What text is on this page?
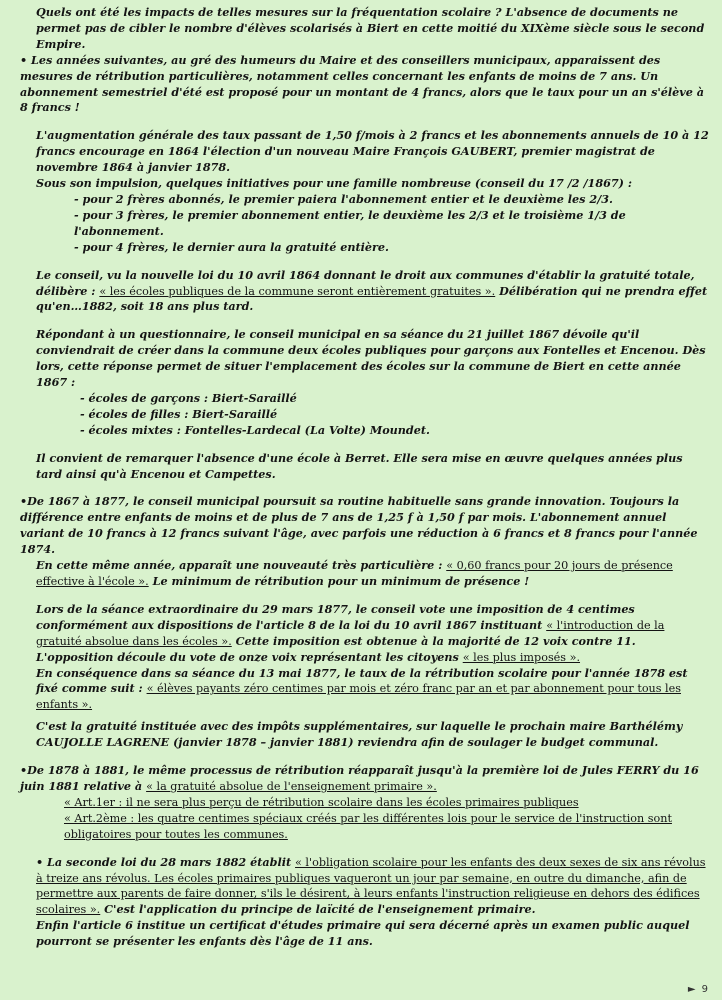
Quels ont été les impacts de telles mesures sur la fréquentation scolaire ? L'absence de documents ne permet pas de cibler le nombre d'élèves scolarisés à Biert en cette moitié du XIXème siècle sous le second Empire.

• Les années suivantes, au gré des humeurs du Maire et des conseillers municipaux, apparaissent des mesures de rétribution particulières, notamment celles concernant les enfants de moins de 7 ans. Un abonnement semestriel d'été est proposé pour un montant de 4 francs, alors que le taux pour un an s'élève à 8 francs !

L'augmentation générale des taux passant de 1,50 f/mois à 2 francs et les abonnements annuels de 10 à 12 francs encourage en 1864 l'élection d'un nouveau Maire François GAUBERT, premier magistrat de novembre 1864 à janvier 1878.

Sous son impulsion, quelques initiatives pour une famille nombreuse (conseil du 17 /2 /1867) :

- pour 2 frères abonnés, le premier paiera l'abonnement entier et le deuxième les 2/3.

- pour 3 frères, le premier abonnement entier, le deuxième les 2/3 et le troisième 1/3 de l'abonnement.

- pour 4 frères, le dernier aura la gratuité entière.

Le conseil, vu la nouvelle loi du 10 avril 1864 donnant le droit aux communes d'établir la gratuité totale, délibère : « les écoles publiques de la commune seront entièrement gratuites ». Délibération qui ne prendra effet qu'en…1882, soit 18 ans plus tard.

Répondant à un questionnaire, le conseil municipal en sa séance du 21 juillet 1867 dévoile qu'il conviendrait de créer dans la commune deux écoles publiques pour garçons aux Fontelles et Encenou. Dès lors, cette réponse permet de situer l'emplacement des écoles sur la commune de Biert en cette année 1867 :

- écoles de garçons : Biert-Saraillé

- écoles de filles : Biert-Saraillé

- écoles mixtes : Fontelles-Lardecal (La Volte) Moundet.

Il convient de remarquer l'absence d'une école à Berret. Elle sera mise en œuvre quelques années plus tard ainsi qu'à Encenou et Campettes.

•De 1867 à 1877, le conseil municipal poursuit sa routine habituelle sans grande innovation. Toujours la différence entre enfants de moins et de plus de 7 ans de 1,25 f à 1,50 f par mois. L'abonnement annuel variant de 10 francs à 12 francs suivant l'âge, avec parfois une réduction à 6 francs et 8 francs pour l'année 1874.

En cette même année, apparaît une nouveauté très particulière : « 0,60 francs pour 20 jours de présence effective à l'école ». Le minimum de rétribution pour un minimum de présence !

Lors de la séance extraordinaire du 29 mars 1877, le conseil vote une imposition de 4 centimes conformément aux dispositions de l'article 8 de la loi du 10 avril 1867 instituant « l'introduction de la gratuité absolue dans les écoles ». Cette imposition est obtenue à la majorité de 12 voix contre 11. L'opposition découle du vote de onze voix représentant les citoyens « les plus imposés ».

En conséquence dans sa séance du 13 mai 1877, le taux de la rétribution scolaire pour l'année 1878 est fixé comme suit : « élèves payants zéro centimes par mois et zéro franc par an et par abonnement pour tous les enfants ».

C'est la gratuité instituée avec des impôts supplémentaires, sur laquelle le prochain maire Barthélémy CAUJOLLE LAGRENE (janvier 1878 – janvier 1881) reviendra afin de soulager le budget communal.

•De 1878 à 1881, le même processus de rétribution réapparaît jusqu'à la première loi de Jules FERRY du 16 juin 1881 relative à « la gratuité absolue de l'enseignement primaire ».

« Art.1er : il ne sera plus perçu de rétribution scolaire dans les écoles primaires publiques

« Art.2ème : les quatre centimes spéciaux créés par les différentes lois pour le service de l'instruction sont obligatoires pour toutes les communes.

• La seconde loi du 28 mars 1882 établit « l'obligation scolaire pour les enfants des deux sexes de six ans révolus à treize ans révolus. Les écoles primaires publiques vaqueront un jour par semaine, en outre du dimanche, afin de permettre aux parents de faire donner, s'ils le désirent, à leurs enfants l'instruction religieuse en dehors des édifices scolaires ». C'est l'application du principe de laïcité de l'enseignement primaire.

Enfin l'article 6 institue un certificat d'études primaire qui sera décerné après un examen public auquel pourront se présenter les enfants dès l'âge de 11 ans.

► 9
